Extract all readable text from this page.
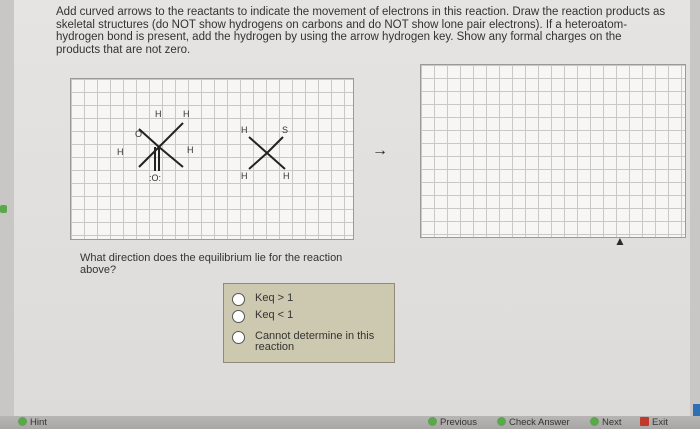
Add curved arrows to the reactants to indicate the movement of electrons in this reaction. Draw the reaction products as skeletal structures (do NOT show hydrogens on carbons and do NOT show lone pair electrons). If a heteroatom-hydrogen bond is present, add the hydrogen by using the arrow hydrogen key. Show any formal charges on the products that are not zero.
H H
O
H	H
:O:
H	S
H	H
→
What direction does the equilibrium lie for the reaction above?
Keq > 1
Keq < 1
Cannot determine in this reaction
▲
Hint	Previous	Check Answer	Next	Exit
